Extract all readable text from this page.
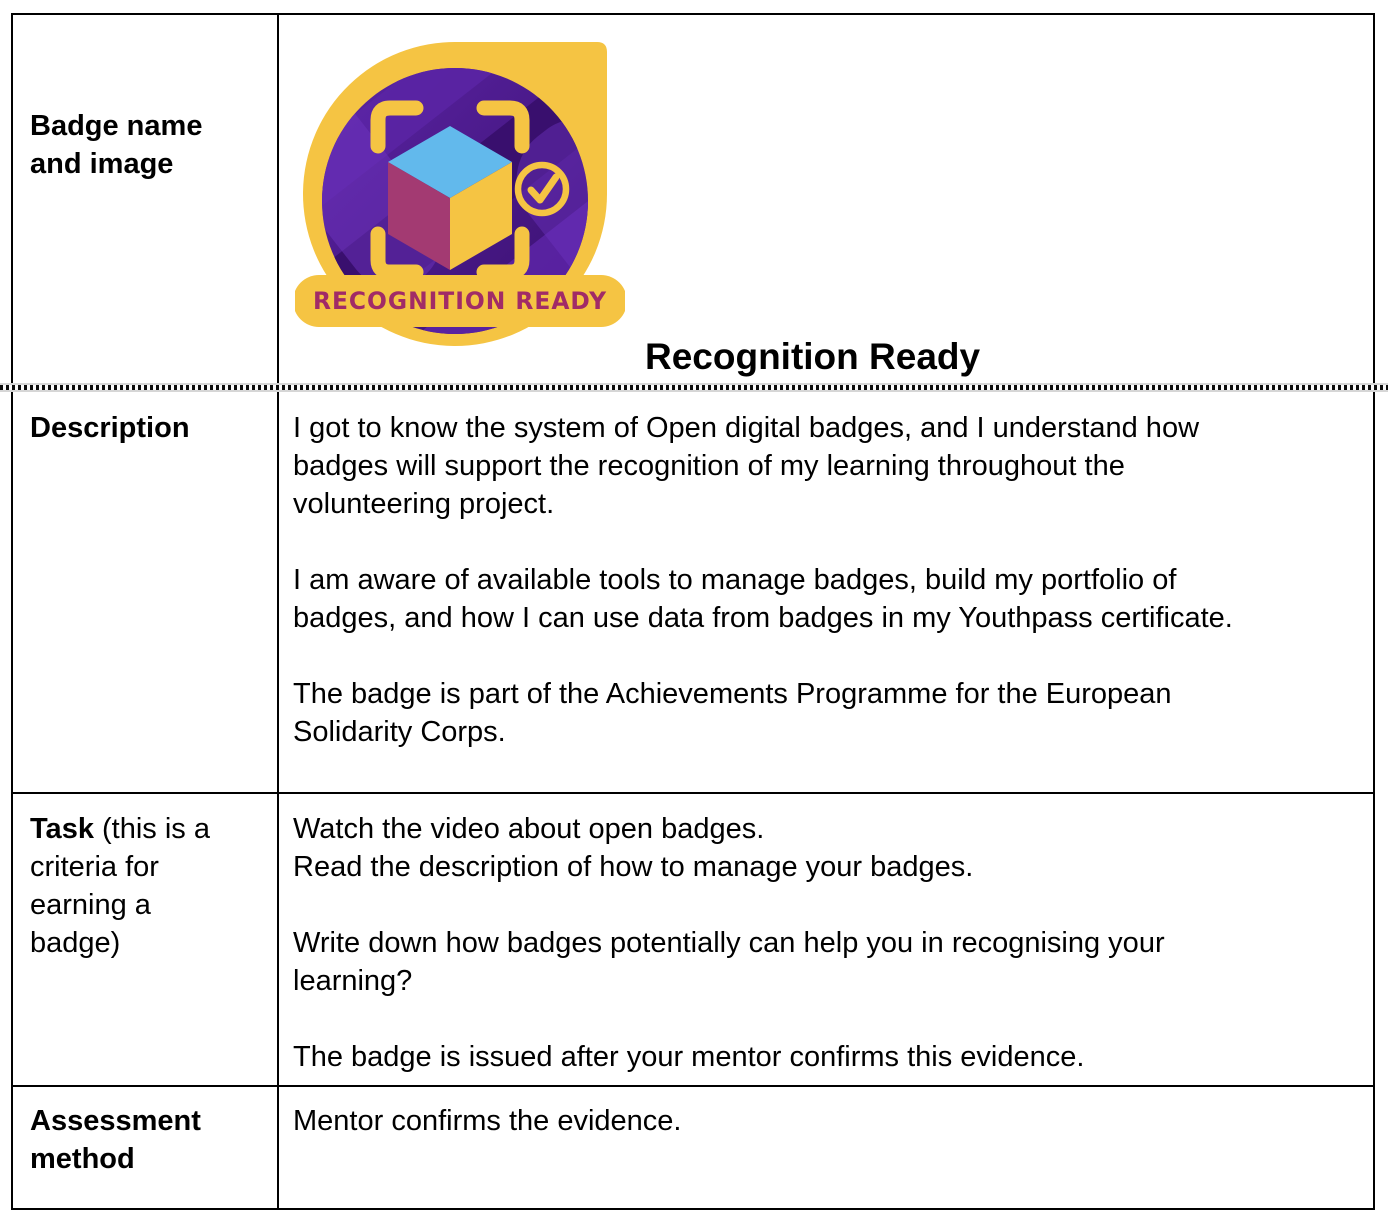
Badge name
and image
RECOGNITION READY
Recognition Ready
Description	I got to know the system of Open digital badges, and I understand how
badges will support the recognition of my learning throughout the
volunteering project.
I am aware of available tools to manage badges, build my portfolio of
badges, and how I can use data from badges in my Youthpass certificate.
The badge is part of the Achievements Programme for the European
Solidarity Corps.
Task (this is a
criteria for
earning a
badge)
Watch the video about open badges.
Read the description of how to manage your badges.
Write down how badges potentially can help you in recognising your
learning?
The badge is issued after your mentor confirms this evidence.
Assessment
method
Mentor confirms the evidence.
